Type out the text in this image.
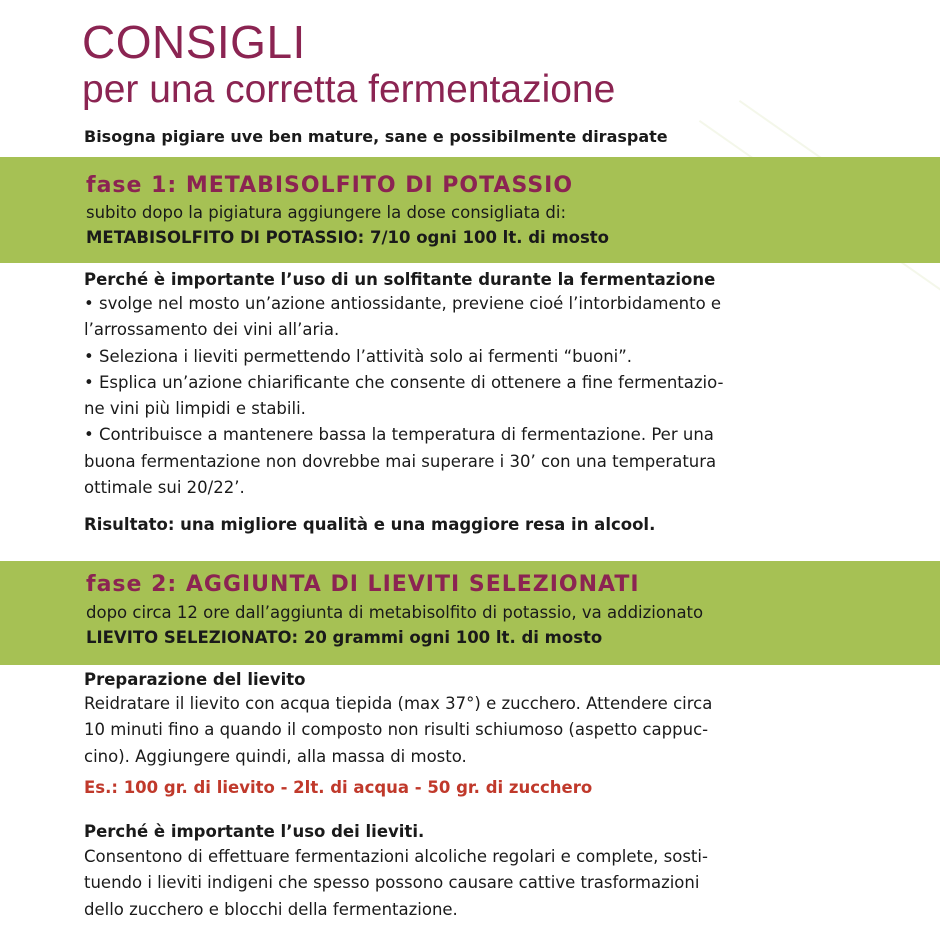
CONSIGLI
per una corretta fermentazione
Bisogna pigiare uve ben mature, sane e possibilmente diraspate
fase 1: METABISOLFITO DI POTASSIO
subito dopo la pigiatura aggiungere la dose consigliata di:
METABISOLFITO DI POTASSIO: 7/10 ogni 100 lt. di mosto
Perché è importante l’uso di un solfitante durante la fermentazione
• svolge nel mosto un’azione antiossidante, previene cioé l’intorbidamento e
l’arrossamento dei vini all’aria.
• Seleziona i lieviti permettendo l’attività solo ai fermenti “buoni”.
• Esplica un’azione chiarificante che consente di ottenere a fine fermentazio-
ne vini più limpidi e stabili.
• Contribuisce a mantenere bassa la temperatura di fermentazione. Per una
buona fermentazione non dovrebbe mai superare i 30’ con una temperatura
ottimale sui 20/22’.
Risultato: una migliore qualità e una maggiore resa in alcool.
fase 2: AGGIUNTA DI LIEVITI SELEZIONATI
dopo circa 12 ore dall’aggiunta di metabisolfito di potassio, va addizionato
LIEVITO SELEZIONATO: 20 grammi ogni 100 lt. di mosto
Preparazione del lievito
Reidratare il lievito con acqua tiepida (max 37°) e zucchero. Attendere circa
10 minuti fino a quando il composto non risulti schiumoso (aspetto cappuc-
cino). Aggiungere quindi, alla massa di mosto.
Es.: 100 gr. di lievito - 2lt. di acqua - 50 gr. di zucchero
Perché è importante l’uso dei lieviti.
Consentono di effettuare fermentazioni alcoliche regolari e complete, sosti-
tuendo i lieviti indigeni che spesso possono causare cattive trasformazioni
dello zucchero e blocchi della fermentazione.
